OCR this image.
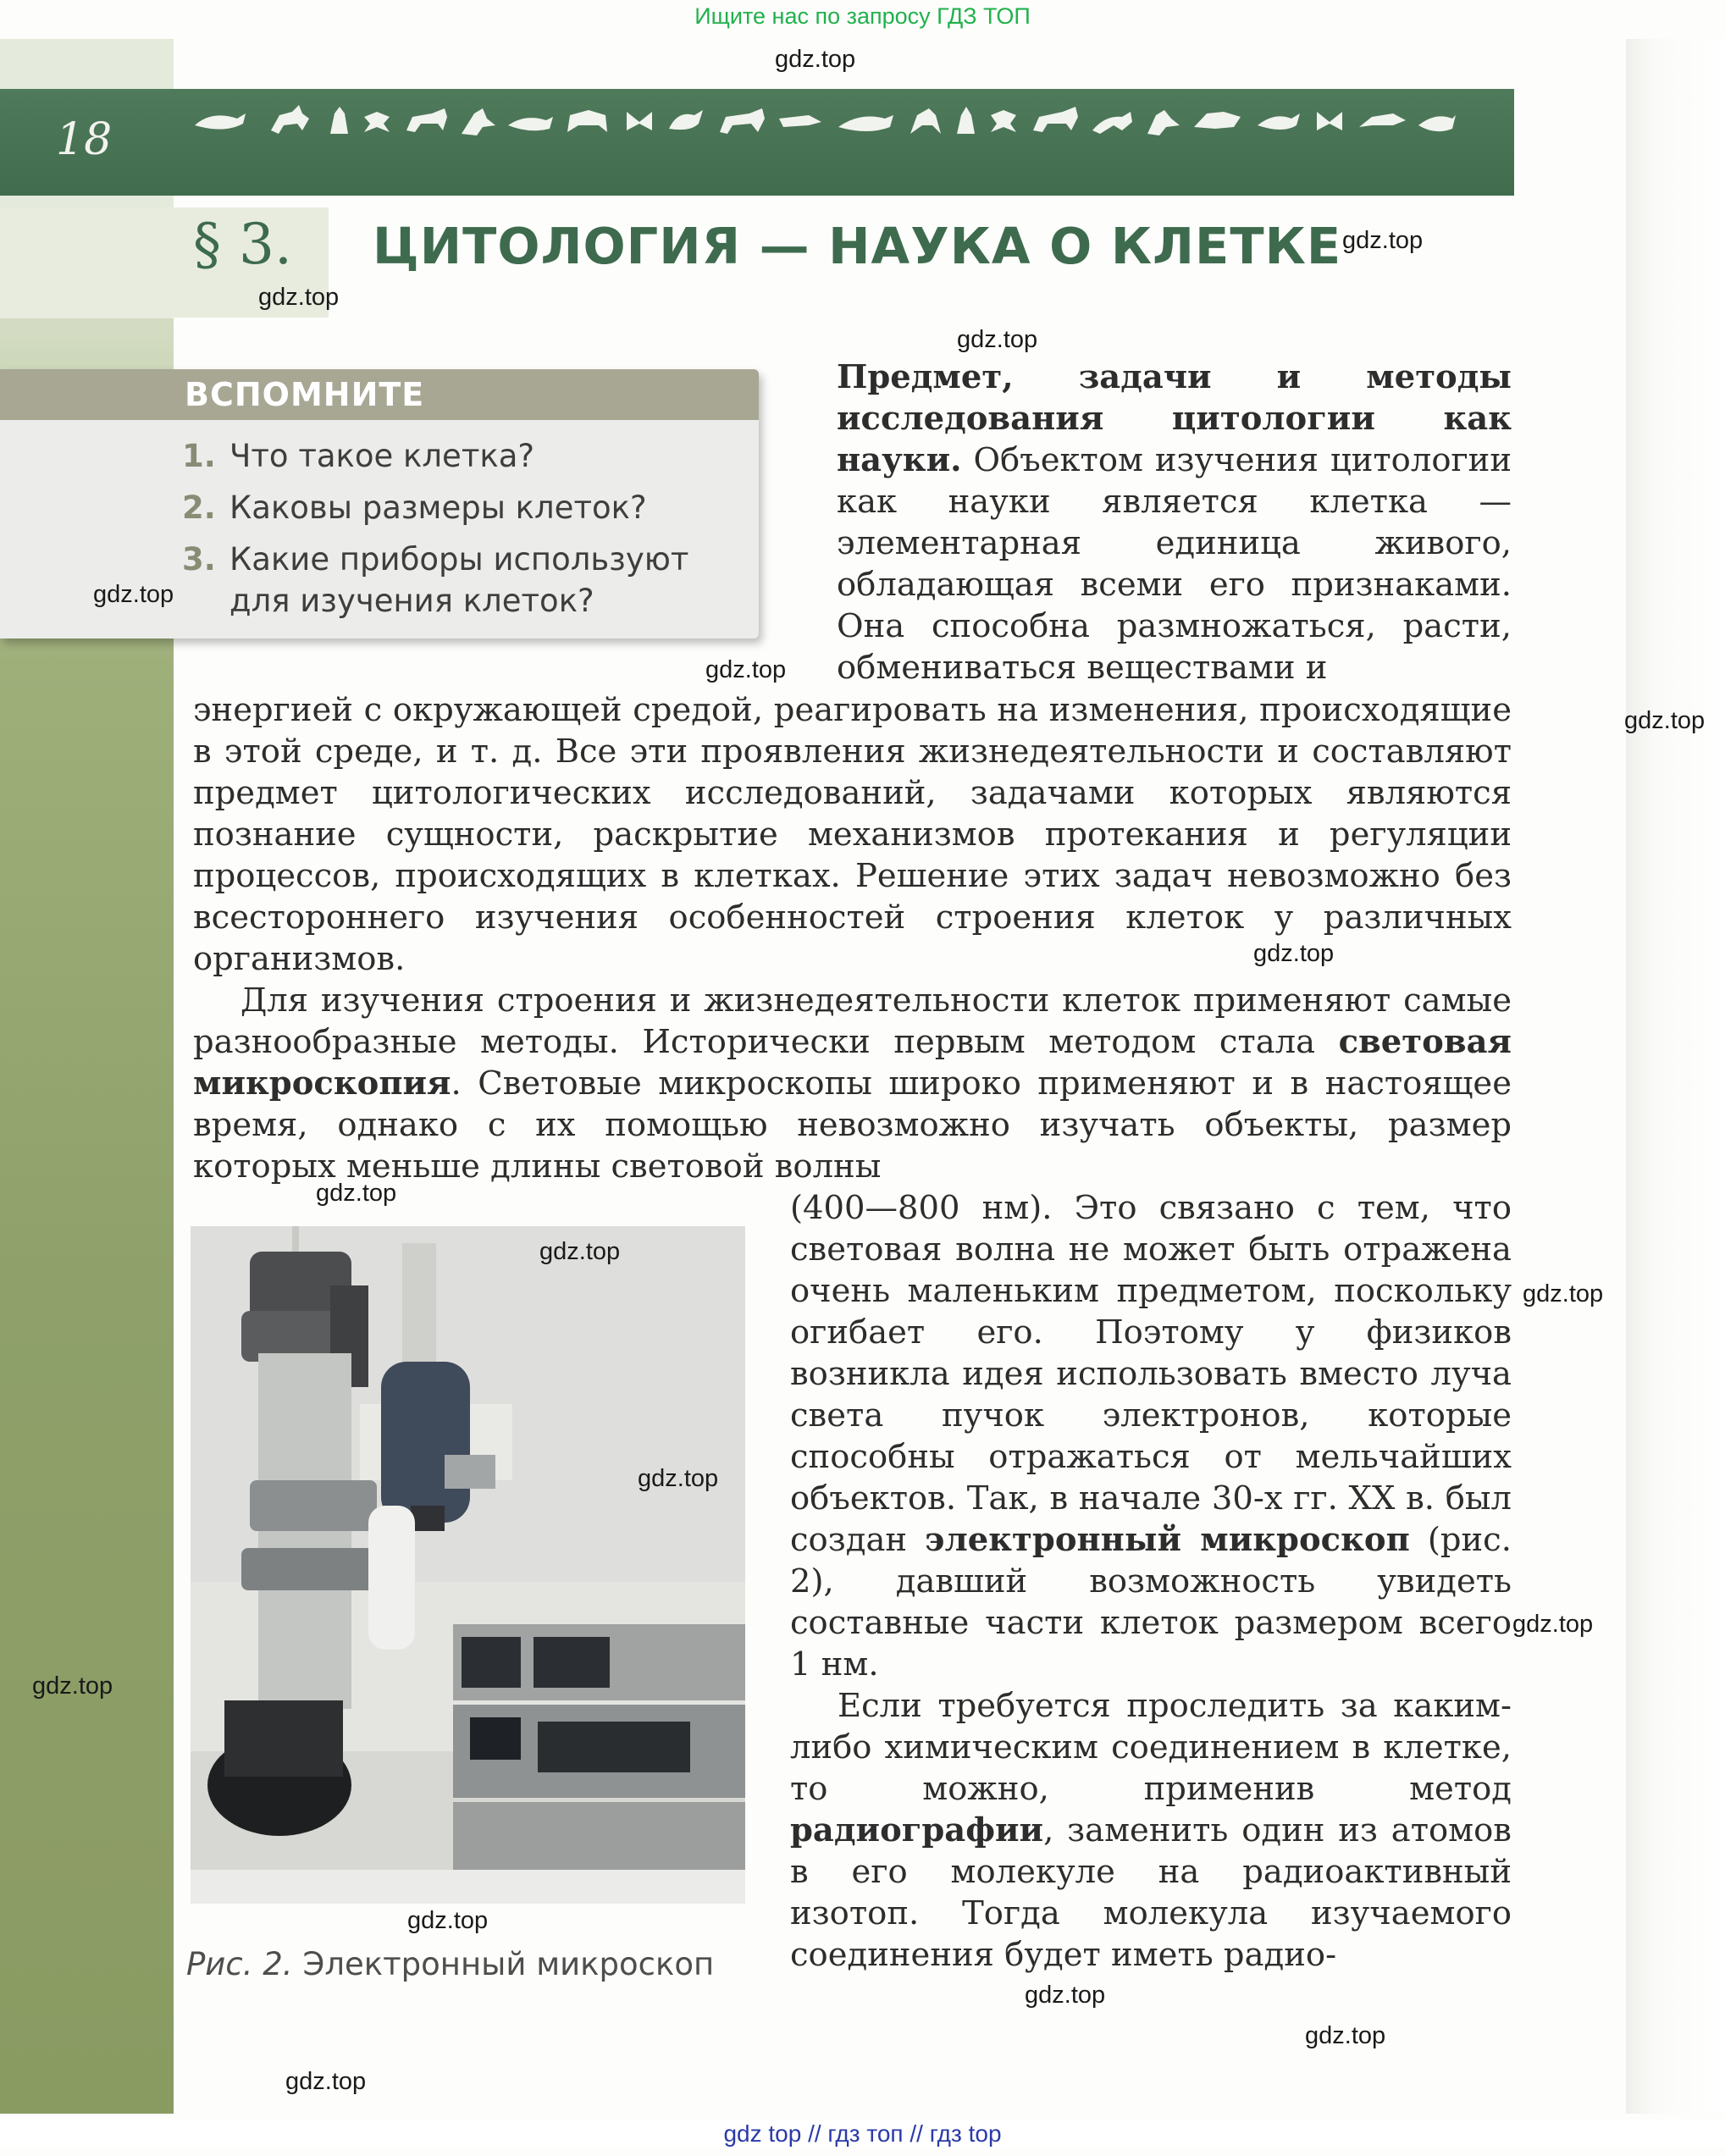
Ищите нас по запросу ГДЗ ТОП
18
§ 3. ЦИТОЛОГИЯ — НАУКА О КЛЕТКЕ
ВСПОМНИТЕ
1. Что такое клетка?
2. Каковы размеры клеток?
3. Какие приборы используют для изучения клеток?
Предмет, задачи и методы исследования цитологии как науки. Объектом изучения цитологии как науки является клетка — элементарная единица живого, обладающая всеми его признаками. Она способна размножаться, расти, обмениваться веществами и
энергией с окружающей средой, реагировать на изменения, происходящие в этой среде, и т. д. Все эти проявления жизнедеятельности и составляют предмет цитологических исследований, задачами которых являются познание сущности, раскрытие механизмов протекания и регуляции процессов, происходящих в клетках. Решение этих задач невозможно без всестороннего изучения особенностей строения клеток у различных организмов.
Для изучения строения и жизнедеятельности клеток применяют самые разнообразные методы. Исторически первым методом стала световая микроскопия. Световые микроскопы широко применяют и в настоящее время, однако с их помощью невозможно изучать объекты, размер которых меньше длины световой волны
(400—800 нм). Это связано с тем, что световая волна не может быть отражена очень маленьким предметом, поскольку огибает его. Поэтому у физиков возникла идея использовать вместо луча света пучок электронов, которые способны отражаться от мельчайших объектов. Так, в начале 30-х гг. XX в. был создан электронный микроскоп (рис. 2), давший возможность увидеть составные части клеток размером всего 1 нм.
Если требуется проследить за каким-либо химическим соединением в клетке, то можно, применив метод радиографии, заменить один из атомов в его молекуле на радиоактивный изотоп. Тогда молекула изучаемого соединения будет иметь радио-
Рис. 2. Электронный микроскоп
gdz.top
gdz.top
gdz.top
gdz.top
gdz.top
gdz.top
gdz.top
gdz.top
gdz.top
gdz.top
gdz.top
gdz.top
gdz.top
gdz.top
gdz.top
gdz.top
gdz.top
gdz.top
gdz top // гдз топ // гдз top
